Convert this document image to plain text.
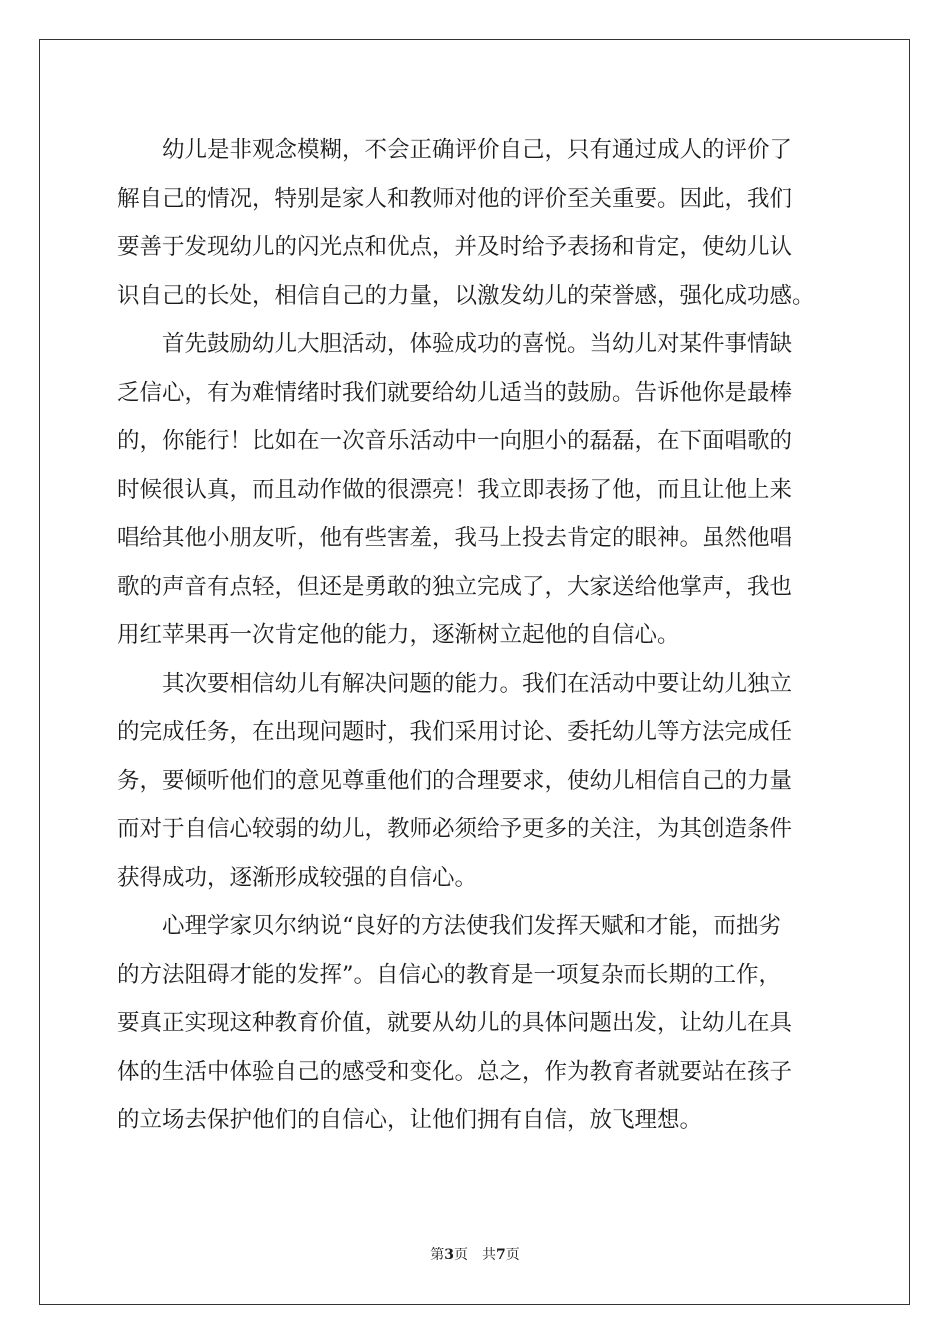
幼儿是非观念模糊，不会正确评价自己，只有通过成人的评价了
解自己的情况，特别是家人和教师对他的评价至关重要。因此，我们
要善于发现幼儿的闪光点和优点，并及时给予表扬和肯定，使幼儿认
识自己的长处，相信自己的力量，以激发幼儿的荣誉感，强化成功感。

首先鼓励幼儿大胆活动，体验成功的喜悦。当幼儿对某件事情缺
乏信心，有为难情绪时我们就要给幼儿适当的鼓励。告诉他你是最棒
的，你能行！比如在一次音乐活动中一向胆小的磊磊，在下面唱歌的
时候很认真，而且动作做的很漂亮！我立即表扬了他，而且让他上来
唱给其他小朋友听，他有些害羞，我马上投去肯定的眼神。虽然他唱
歌的声音有点轻，但还是勇敢的独立完成了，大家送给他掌声，我也
用红苹果再一次肯定他的能力，逐渐树立起他的自信心。

其次要相信幼儿有解决问题的能力。我们在活动中要让幼儿独立
的完成任务，在出现问题时，我们采用讨论、委托幼儿等方法完成任
务，要倾听他们的意见尊重他们的合理要求，使幼儿相信自己的力量
而对于自信心较弱的幼儿，教师必须给予更多的关注，为其创造条件
获得成功，逐渐形成较强的自信心。

心理学家贝尔纳说“良好的方法使我们发挥天赋和才能，而拙劣
的方法阻碍才能的发挥”。自信心的教育是一项复杂而长期的工作，
要真正实现这种教育价值，就要从幼儿的具体问题出发，让幼儿在具
体的生活中体验自己的感受和变化。总之，作为教育者就要站在孩子
的立场去保护他们的自信心，让他们拥有自信，放飞理想。

第3页 共7页
